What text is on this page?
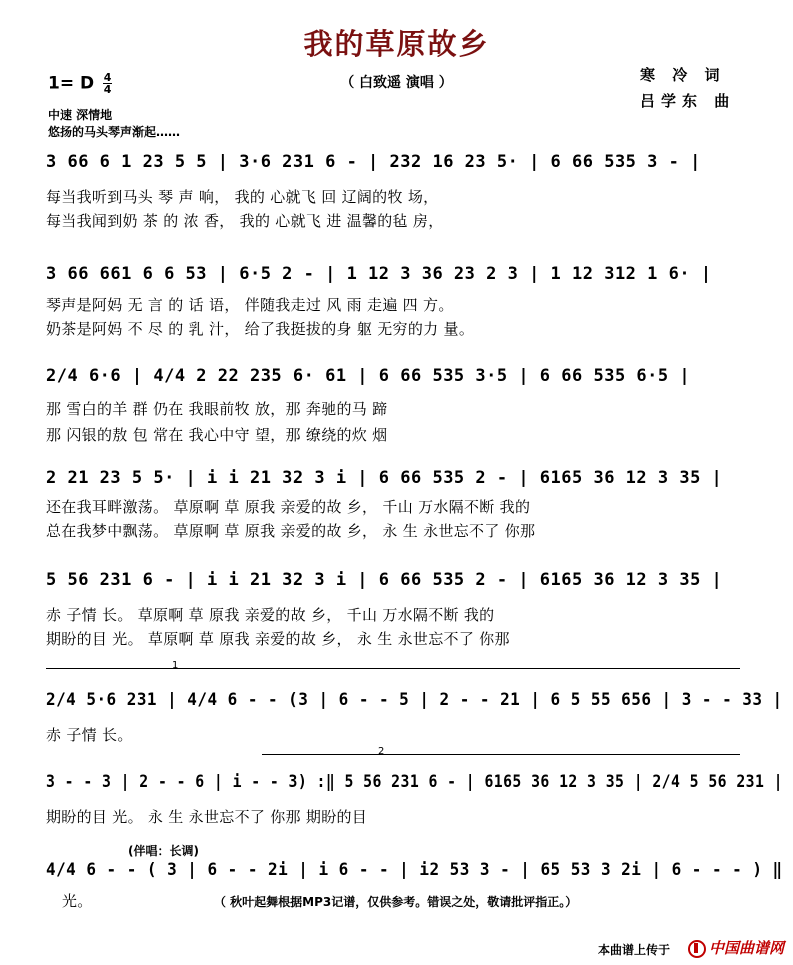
我的草原故乡
（ 白致遥 演唱 ）	寒 冷 词
吕学东 曲
1= D $\frac{4}{4}$
中速 深情地
悠扬的马头琴声渐起……
3 66 6 1 23 5 5 | 3·6 231 6 - | 232 16 23 5· | 6 66 535 3 - |
每当我听到马头 琴 声 响， 我的 心就飞 回 辽阔的牧 场，
每当我闻到奶 茶 的 浓 香， 我的 心就飞 进 温馨的毡 房，
3 66 661 6 6 53 | 6·5 2 - | 1 12 3 36 23 2 3 | 1 12 312 1 6· |
琴声是阿妈 无 言 的 话 语， 伴随我走过 风 雨 走遍 四 方。
奶茶是阿妈 不 尽 的 乳 汁， 给了我挺拔的身 躯 无穷的力 量。
2/4 6·6 | 4/4 2 22 235 6· 61 | 6 66 535 3·5 | 6 66 535 6·5 |
那 雪白的羊 群 仍在 我眼前牧 放，那 奔驰的马 蹄
那 闪银的敖 包 常在 我心中守 望，那 缭绕的炊 烟
2 21 23 5 5· | i i 21 32 3 i | 6 66 535 2 - | 6165 36 12 3 35 |
还在我耳畔激荡。 草原啊 草 原我 亲爱的故 乡， 千山 万水隔不断 我的
总在我梦中飘荡。 草原啊 草 原我 亲爱的故 乡， 永 生 永世忘不了 你那
5 56 231 6 - | i i 21 32 3 i | 6 66 535 2 - | 6165 36 12 3 35 |
赤 子情 长。 草原啊 草 原我 亲爱的故 乡， 千山 万水隔不断 我的
期盼的目 光。 草原啊 草 原我 亲爱的故 乡， 永 生 永世忘不了 你那
1
2/4 5·6 231 | 4/4 6 - - (3 | 6 - - 5 | 2 - - 21 | 6 5 55 656 | 3 - - 33 |
赤 子情 长。
2
3 - - 3 | 2 - - 6 | i - - 3) :‖ 5 56 231 6 - | 6165 36 12 3 35 | 2/4 5 56 231 |
期盼的目 光。 永 生 永世忘不了 你那 期盼的目
(伴唱：长调)
4/4 6 - - ( 3 | 6 - - 2i | i 6 - - | i2 53 3 - | 65 53 3 2i | 6 - - - ) ‖
光。	（ 秋叶起舞根据MP3记谱，仅供参考。错误之处，敬请批评指正。）
本曲谱上传于	中国曲谱网
